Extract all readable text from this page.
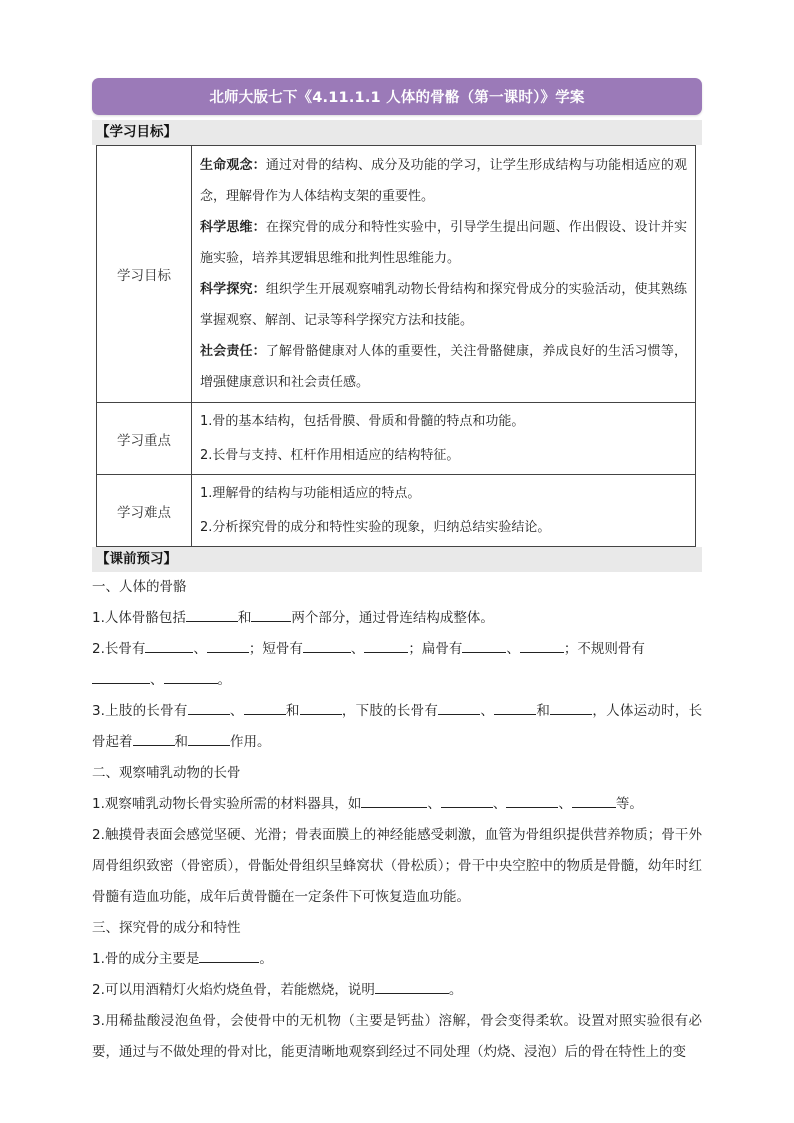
北师大版七下《4.11.1.1 人体的骨骼（第一课时）》学案
【学习目标】
学习目标	生命观念：通过对骨的结构、成分及功能的学习，让学生形成结构与功能相适应的观念，理解骨作为人体结构支架的重要性。

科学思维：在探究骨的成分和特性实验中，引导学生提出问题、作出假设、设计并实施实验，培养其逻辑思维和批判性思维能力。

科学探究：组织学生开展观察哺乳动物长骨结构和探究骨成分的实验活动，使其熟练掌握观察、解剖、记录等科学探究方法和技能。

社会责任：了解骨骼健康对人体的重要性，关注骨骼健康，养成良好的生活习惯等，增强健康意识和社会责任感。

学习重点	1.骨的基本结构，包括骨膜、骨质和骨髓的特点和功能。
2.长骨与支持、杠杆作用相适应的结构特征。

学习难点	1.理解骨的结构与功能相适应的特点。
2.分析探究骨的成分和特性实验的现象，归纳总结实验结论。
【课前预习】

一、人体的骨骼

1.人体骨骼包括	和	两个部分，通过骨连结构成整体。

2.长骨有	、	；短骨有	、	；扁骨有	、	；不规则骨有
、	。

3.上肢的长骨有	、	和	，下肢的长骨有	、	和	，人体运动时，长骨起着	和	作用。

二、观察哺乳动物的长骨

1.观察哺乳动物长骨实验所需的材料器具，如	、	、	、	等。

2.触摸骨表面会感觉坚硬、光滑；骨表面膜上的神经能感受刺激，血管为骨组织提供营养物质；骨干外周骨组织致密（骨密质），骨骺处骨组织呈蜂窝状（骨松质）；骨干中央空腔中的物质是骨髓，幼年时红骨髓有造血功能，成年后黄骨髓在一定条件下可恢复造血功能。

三、探究骨的成分和特性

1.骨的成分主要是	。

2.可以用酒精灯火焰灼烧鱼骨，若能燃烧，说明	。

3.用稀盐酸浸泡鱼骨，会使骨中的无机物（主要是钙盐）溶解，骨会变得柔软。设置对照实验很有必要，通过与不做处理的骨对比，能更清晰地观察到经过不同处理（灼烧、浸泡）后的骨在特性上的变
